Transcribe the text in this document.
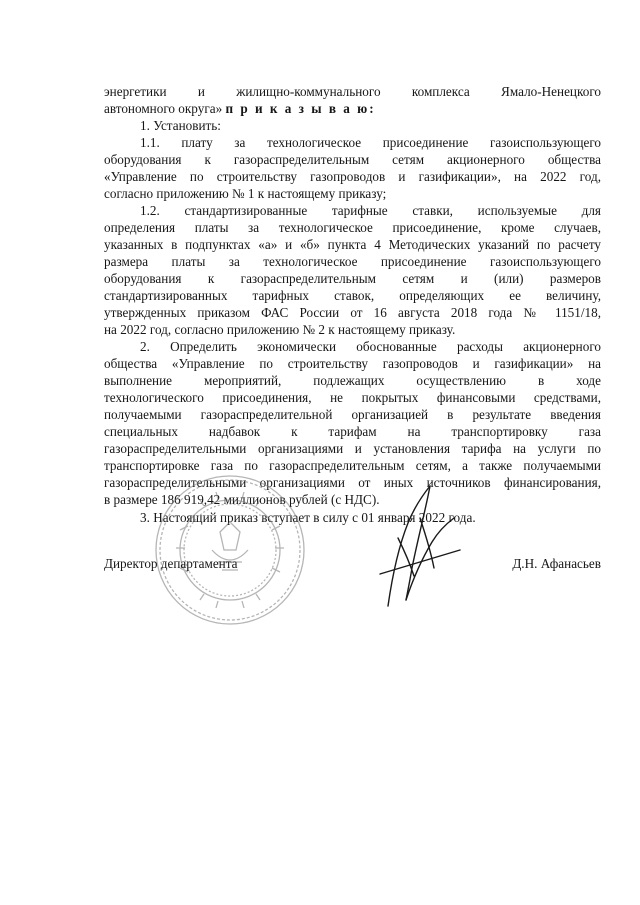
энергетики и жилищно-коммунального комплекса Ямало-Ненецкого
автономного округа» п р и к а з ы в а ю:
1. Установить:
1.1. плату за технологическое присоединение газоиспользующего
оборудования к газораспределительным сетям акционерного общества
«Управление по строительству газопроводов и газификации», на 2022 год,
согласно приложению № 1 к настоящему приказу;
1.2. стандартизированные тарифные ставки, используемые для
определения платы за технологическое присоединение, кроме случаев,
указанных в подпунктах «а» и «б» пункта 4 Методических указаний по расчету
размера платы за технологическое присоединение газоиспользующего
оборудования к газораспределительным сетям и (или) размеров
стандартизированных тарифных ставок, определяющих ее величину,
утвержденных приказом ФАС России от 16 августа 2018 года № 1151/18,
на 2022 год, согласно приложению № 2 к настоящему приказу.
2. Определить экономически обоснованные расходы акционерного
общества «Управление по строительству газопроводов и газификации» на
выполнение мероприятий, подлежащих осуществлению в ходе
технологического присоединения, не покрытых финансовыми средствами,
получаемыми газораспределительной организацией в результате введения
специальных надбавок к тарифам на транспортировку газа
газораспределительными организациями и установления тарифа на услуги по
транспортировке газа по газораспределительным сетям, а также получаемыми
газораспределительными организациями от иных источников финансирования,
в размере 186 919,42 миллионов рублей (с НДС).
3. Настоящий приказ вступает в силу с 01 января 2022 года.
Директор департамента	Д.Н. Афанасьев
